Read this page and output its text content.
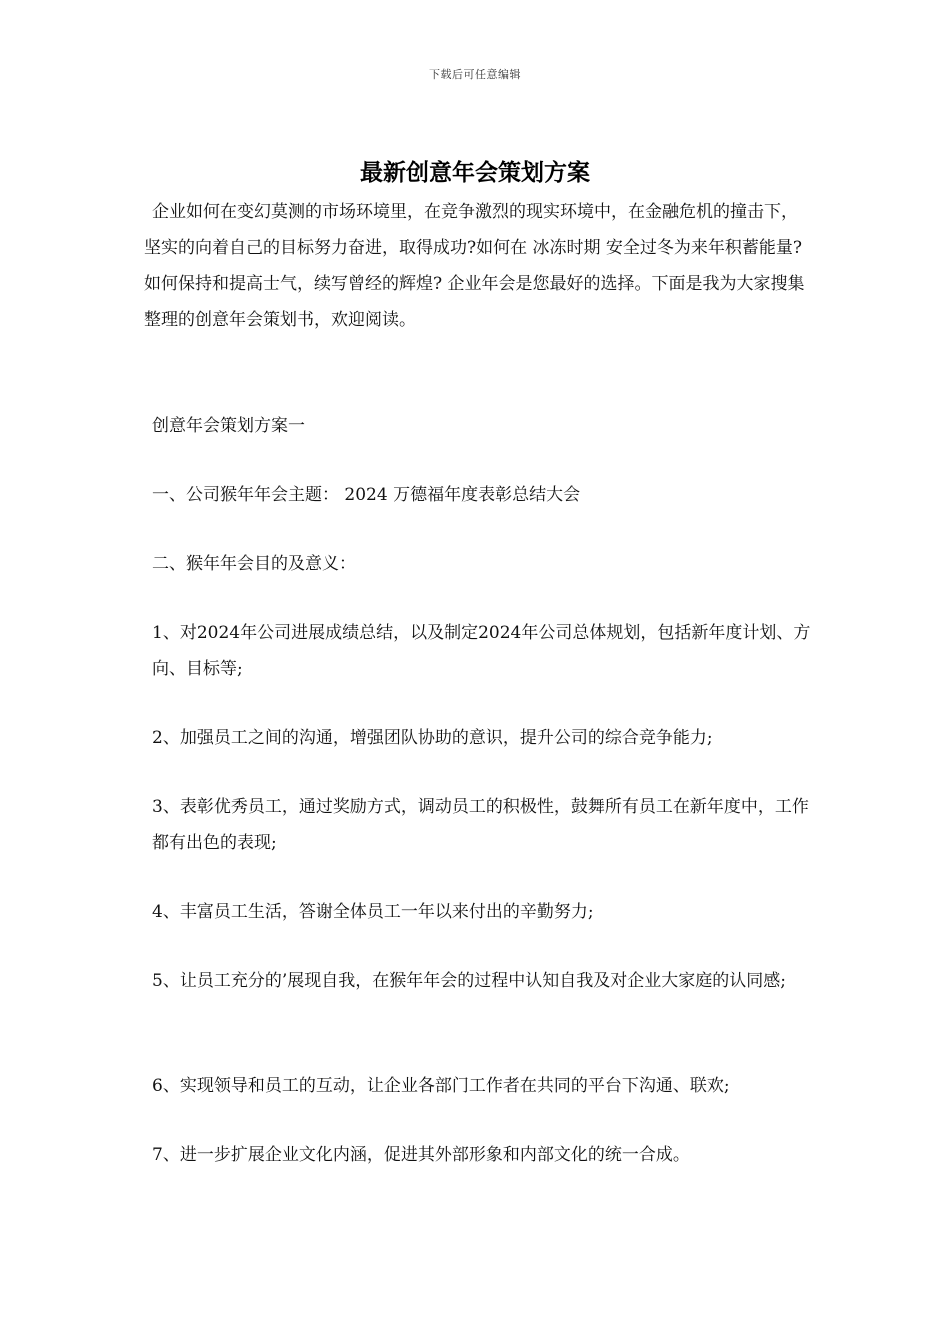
下载后可任意编辑
最新创意年会策划方案
企业如何在变幻莫测的市场环境里，在竞争激烈的现实环境中，在金融危机的撞击下，坚实的向着自己的目标努力奋进，取得成功?如何在 冰冻时期 安全过冬为来年积蓄能量?如何保持和提高士气，续写曾经的辉煌? 企业年会是您最好的选择。下面是我为大家搜集整理的创意年会策划书，欢迎阅读。
创意年会策划方案一
一、公司猴年年会主题： 2024 万德福年度表彰总结大会
二、猴年年会目的及意义：
1、对2024年公司进展成绩总结，以及制定2024年公司总体规划，包括新年度计划、方向、目标等;
2、加强员工之间的沟通，增强团队协助的意识，提升公司的综合竞争能力;
3、表彰优秀员工，通过奖励方式，调动员工的积极性，鼓舞所有员工在新年度中，工作都有出色的表现;
4、丰富员工生活，答谢全体员工一年以来付出的辛勤努力;
5、让员工充分的’展现自我，在猴年年会的过程中认知自我及对企业大家庭的认同感;
6、实现领导和员工的互动，让企业各部门工作者在共同的平台下沟通、联欢;
7、进一步扩展企业文化内涵，促进其外部形象和内部文化的统一合成。
